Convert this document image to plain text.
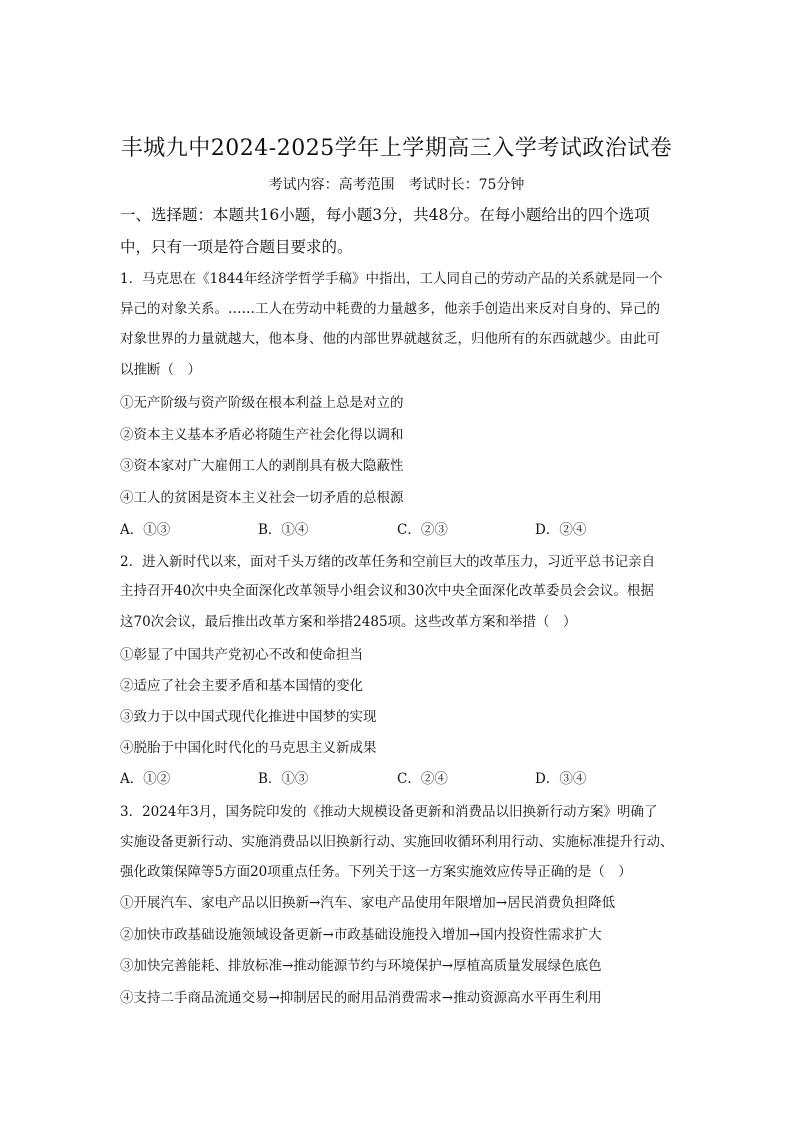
丰城九中2024-2025学年上学期高三入学考试政治试卷
考试内容：高考范围　考试时长：75分钟
一、选择题：本题共16小题，每小题3分，共48分。在每小题给出的四个选项
中，只有一项是符合题目要求的。
1．马克思在《1844年经济学哲学手稿》中指出，工人同自己的劳动产品的关系就是同一个
异己的对象关系。……工人在劳动中耗费的力量越多，他亲手创造出来反对自身的、异己的
对象世界的力量就越大，他本身、他的内部世界就越贫乏，归他所有的东西就越少。由此可
以推断（　）
①无产阶级与资产阶级在根本利益上总是对立的
②资本主义基本矛盾必将随生产社会化得以调和
③资本家对广大雇佣工人的剥削具有极大隐蔽性
④工人的贫困是资本主义社会一切矛盾的总根源
A．①③	B．①④	C．②③	D．②④
2．进入新时代以来，面对千头万绪的改革任务和空前巨大的改革压力，习近平总书记亲自
主持召开40次中央全面深化改革领导小组会议和30次中央全面深化改革委员会会议。根据
这70次会议，最后推出改革方案和举措2485项。这些改革方案和举措（　）
①彰显了中国共产党初心不改和使命担当
②适应了社会主要矛盾和基本国情的变化
③致力于以中国式现代化推进中国梦的实现
④脱胎于中国化时代化的马克思主义新成果
A．①②	B．①③	C．②④	D．③④
3．2024年3月，国务院印发的《推动大规模设备更新和消费品以旧换新行动方案》明确了
实施设备更新行动、实施消费品以旧换新行动、实施回收循环利用行动、实施标准提升行动、
强化政策保障等5方面20项重点任务。下列关于这一方案实施效应传导正确的是（　）
①开展汽车、家电产品以旧换新→汽车、家电产品使用年限增加→居民消费负担降低
②加快市政基础设施领域设备更新→市政基础设施投入增加→国内投资性需求扩大
③加快完善能耗、排放标准→推动能源节约与环境保护→厚植高质量发展绿色底色
④支持二手商品流通交易→抑制居民的耐用品消费需求→推动资源高水平再生利用
